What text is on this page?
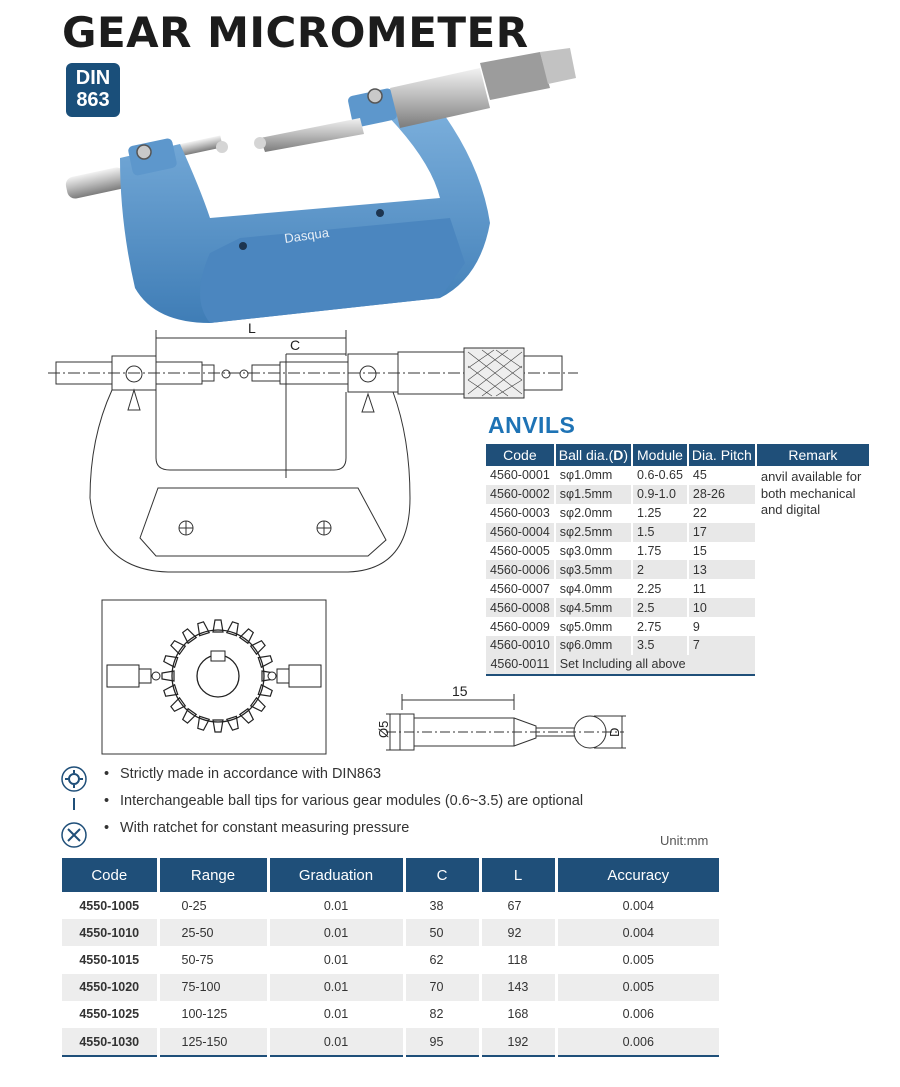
GEAR MICROMETER
DIN
863
Dasqua
L
C
15
Ø5	D
ANVILS
Code	Ball dia.(D)	Module	Dia. Pitch	Remark
4560-0001	sφ1.0mm	0.6-0.65	45	anvil available for both mechanical and digital
4560-0002	sφ1.5mm	0.9-1.0	28-26	
4560-0003	sφ2.0mm	1.25	22	
4560-0004	sφ2.5mm	1.5	17	
4560-0005	sφ3.0mm	1.75	15	
4560-0006	sφ3.5mm	2	13	
4560-0007	sφ4.0mm	2.25	11	
4560-0008	sφ4.5mm	2.5	10	
4560-0009	sφ5.0mm	2.75	9	
4560-0010	sφ6.0mm	3.5	7	
4560-0011	Set Including all above			
• Strictly made in accordance with DIN863
• Interchangeable ball tips for various gear modules (0.6~3.5) are optional
• With ratchet for constant measuring pressure
Unit:mm
Code	Range	Graduation	C	L	Accuracy
4550-1005	0-25	0.01	38	67	0.004
4550-1010	25-50	0.01	50	92	0.004
4550-1015	50-75	0.01	62	118	0.005
4550-1020	75-100	0.01	70	143	0.005
4550-1025	100-125	0.01	82	168	0.006
4550-1030	125-150	0.01	95	192	0.006
